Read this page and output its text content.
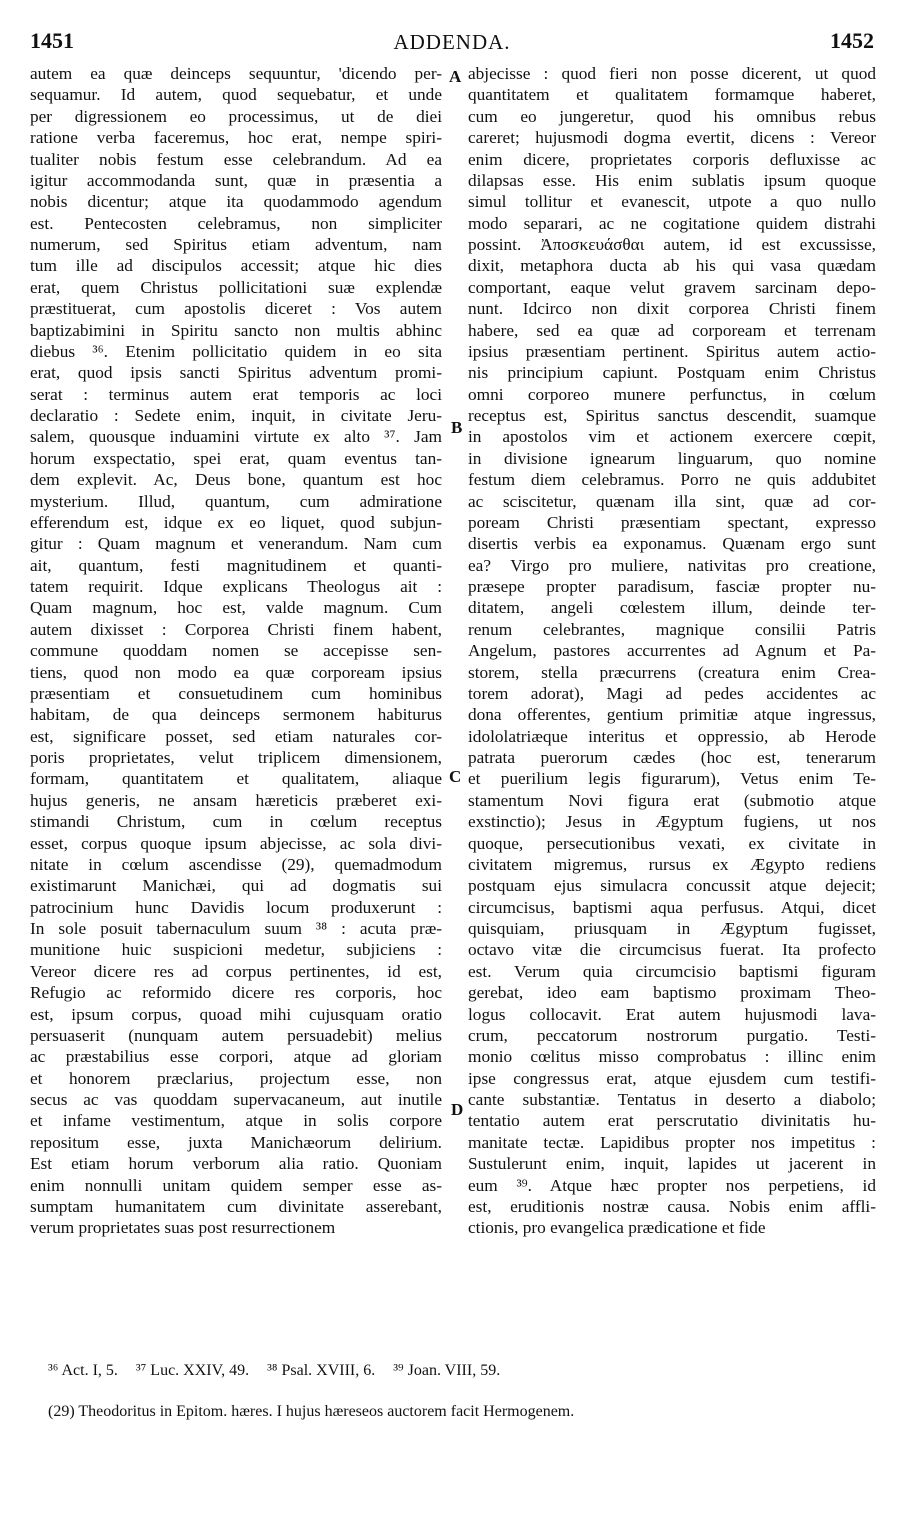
1451	ADDENDA.	1452
autem ea quæ deinceps sequuntur, 'dicendo per-
sequamur. Id autem, quod sequebatur, et unde
per digressionem eo processimus, ut de diei
ratione verba faceremus, hoc erat, nempe spiri-
tualiter nobis festum esse celebrandum. Ad ea
igitur accommodanda sunt, quæ in præsentia a
nobis dicentur; atque ita quodammodo agendum
est. Pentecosten celebramus, non simpliciter
numerum, sed Spiritus etiam adventum, nam
tum ille ad discipulos accessit; atque hic dies
erat, quem Christus pollicitationi suæ explendæ
præstituerat, cum apostolis diceret : Vos autem
baptizabimini in Spiritu sancto non multis abhinc
diebus ³⁶. Etenim pollicitatio quidem in eo sita
erat, quod ipsis sancti Spiritus adventum promi-
serat : terminus autem erat temporis ac loci
declaratio : Sedete enim, inquit, in civitate Jeru-
salem, quousque induamini virtute ex alto ³⁷. Jam
horum exspectatio, spei erat, quam eventus tan-
dem explevit. Ac, Deus bone, quantum est hoc
mysterium. Illud, quantum, cum admiratione
efferendum est, idque ex eo liquet, quod subjun-
gitur : Quam magnum et venerandum. Nam cum
ait, quantum, festi magnitudinem et quanti-
tatem requirit. Idque explicans Theologus ait :
Quam magnum, hoc est, valde magnum. Cum
autem dixisset : Corporea Christi finem habent,
commune quoddam nomen se accepisse sen-
tiens, quod non modo ea quæ corpoream ipsius
præsentiam et consuetudinem cum hominibus
habitam, de qua deinceps sermonem habiturus
est, significare posset, sed etiam naturales cor-
poris proprietates, velut triplicem dimensionem,
formam, quantitatem et qualitatem, aliaque
hujus generis, ne ansam hæreticis præberet exi-
stimandi Christum, cum in cœlum receptus
esset, corpus quoque ipsum abjecisse, ac sola divi-
nitate in cœlum ascendisse (29), quemadmodum
existimarunt Manichæi, qui ad dogmatis sui
patrocinium hunc Davidis locum produxerunt :
In sole posuit tabernaculum suum ³⁸ : acuta præ-
munitione huic suspicioni medetur, subjiciens :
Vereor dicere res ad corpus pertinentes, id est,
Refugio ac reformido dicere res corporis, hoc
est, ipsum corpus, quoad mihi cujusquam oratio
persuaserit (nunquam autem persuadebit) melius
ac præstabilius esse corpori, atque ad gloriam
et honorem præclarius, projectum esse, non
secus ac vas quoddam supervacaneum, aut inutile
et infame vestimentum, atque in solis corpore
repositum esse, juxta Manichæorum delirium.
Est etiam horum verborum alia ratio. Quoniam
enim nonnulli unitam quidem semper esse as-
sumptam humanitatem cum divinitate asserebant,
verum proprietates suas post resurrectionem
abjecisse : quod fieri non posse dicerent, ut quod
quantitatem et qualitatem formamque haberet,
cum eo jungeretur, quod his omnibus rebus
careret; hujusmodi dogma evertit, dicens : Vereor
enim dicere, proprietates corporis defluxisse ac
dilapsas esse. His enim sublatis ipsum quoque
simul tollitur et evanescit, utpote a quo nullo
modo separari, ac ne cogitatione quidem distrahi
possint. Ἀποσκευάσθαι autem, id est excussisse,
dixit, metaphora ducta ab his qui vasa quædam
comportant, eaque velut gravem sarcinam depo-
nunt. Idcirco non dixit corporea Christi finem
habere, sed ea quæ ad corpoream et terrenam
ipsius præsentiam pertinent. Spiritus autem actio-
nis principium capiunt. Postquam enim Christus
omni corporeo munere perfunctus, in cœlum
receptus est, Spiritus sanctus descendit, suamque
in apostolos vim et actionem exercere cœpit,
in divisione ignearum linguarum, quo nomine
festum diem celebramus. Porro ne quis addubitet
ac sciscitetur, quænam illa sint, quæ ad cor-
poream Christi præsentiam spectant, expresso
disertis verbis ea exponamus. Quænam ergo sunt
ea? Virgo pro muliere, nativitas pro creatione,
præsepe propter paradisum, fasciæ propter nu-
ditatem, angeli cœlestem illum, deinde ter-
renum celebrantes, magnique consilii Patris
Angelum, pastores accurrentes ad Agnum et Pa-
storem, stella præcurrens (creatura enim Crea-
torem adorat), Magi ad pedes accidentes ac
dona offerentes, gentium primitiæ atque ingressus,
idololatriæque interitus et oppressio, ab Herode
patrata puerorum cædes (hoc est, tenerarum
et puerilium legis figurarum), Vetus enim Te-
stamentum Novi figura erat (submotio atque
exstinctio); Jesus in Ægyptum fugiens, ut nos
quoque, persecutionibus vexati, ex civitate in
civitatem migremus, rursus ex Ægypto rediens
postquam ejus simulacra concussit atque dejecit;
circumcisus, baptismi aqua perfusus. Atqui, dicet
quisquiam, priusquam in Ægyptum fugisset,
octavo vitæ die circumcisus fuerat. Ita profecto
est. Verum quia circumcisio baptismi figuram
gerebat, ideo eam baptismo proximam Theo-
logus collocavit. Erat autem hujusmodi lava-
crum, peccatorum nostrorum purgatio. Testi-
monio cœlitus misso comprobatus : illinc enim
ipse congressus erat, atque ejusdem cum testifi-
cante substantiæ. Tentatus in deserto a diabolo;
tentatio autem erat perscrutatio divinitatis hu-
manitate tectæ. Lapidibus propter nos impetitus :
Sustulerunt enim, inquit, lapides ut jacerent in
eum ³⁹. Atque hæc propter nos perpetiens, id
est, eruditionis nostræ causa. Nobis enim affli-
ctionis, pro evangelica prædicatione et fide
A
B
C
D
³⁶ Act. I, 5. ³⁷ Luc. XXIV, 49. ³⁸ Psal. XVIII, 6. ³⁹ Joan. VIII, 59.
(29) Theodoritus in Epitom. hæres. I hujus hæreseos auctorem facit Hermogenem.
